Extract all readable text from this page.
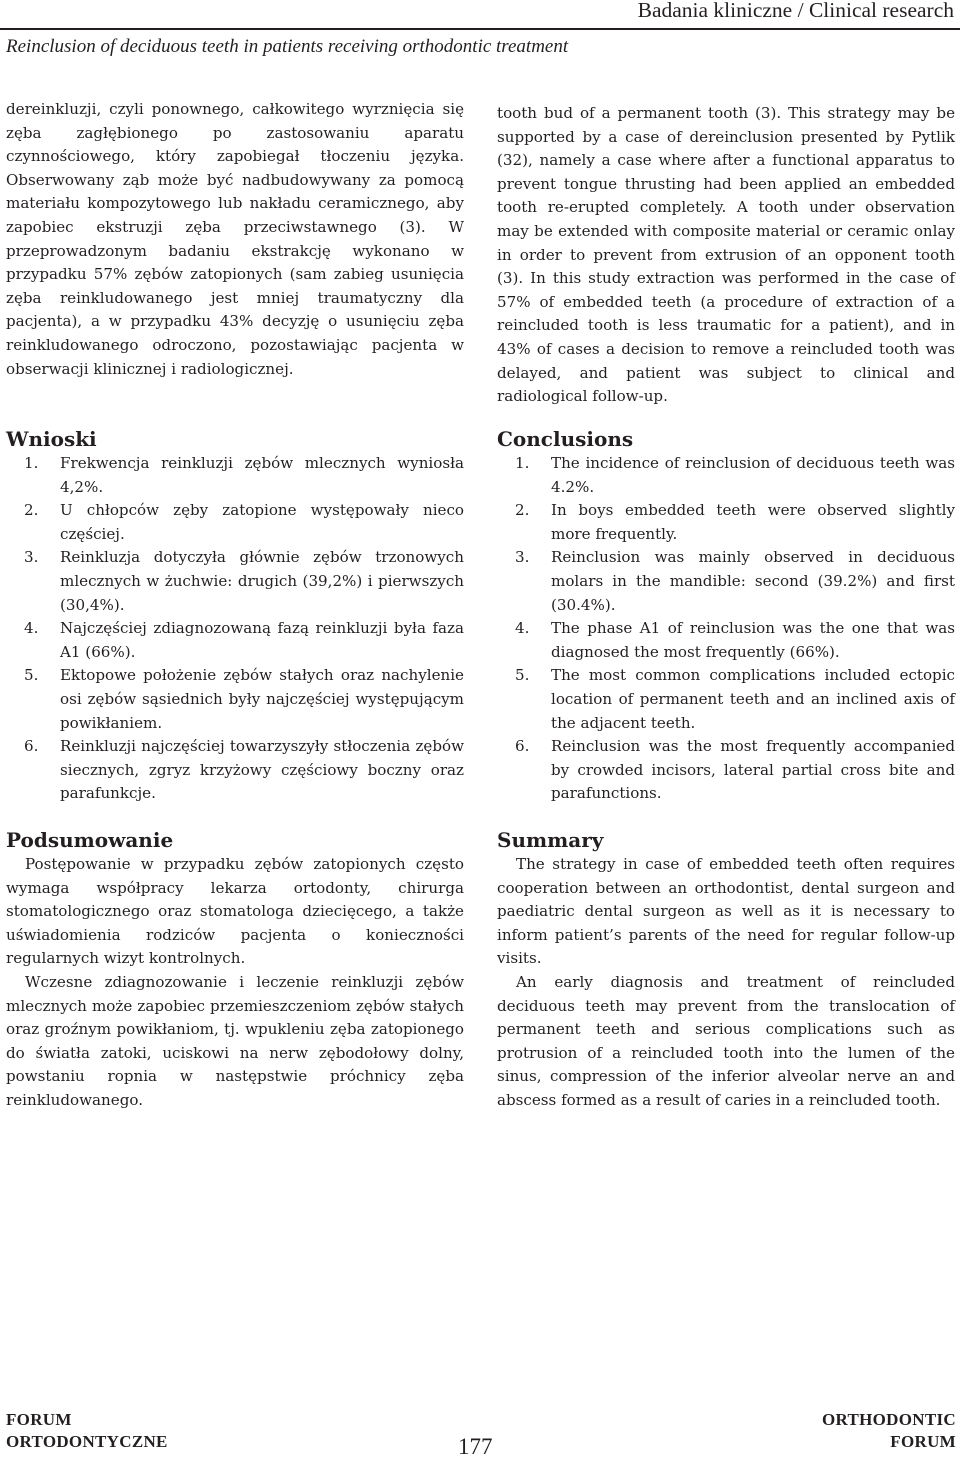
Badania kliniczne / Clinical research
Reinclusion of deciduous teeth in patients receiving orthodontic treatment

dereinkluzji, czyli ponownego, całkowitego wyrznięcia się zęba zagłębionego po zastosowaniu aparatu czynnościowego, który zapobiegał tłoczeniu języka. Obserwowany ząb może być nadbudowywany za pomocą materiału kompozytowego lub nakładu ceramicznego, aby zapobiec ekstruzji zęba przeciwstawnego (3). W przeprowadzonym badaniu ekstrakcję wykonano w przypadku 57% zębów zatopionych (sam zabieg usunięcia zęba reinkludowanego jest mniej traumatyczny dla pacjenta), a w przypadku 43% decyzję o usunięciu zęba reinkludowanego odroczono, pozostawiając pacjenta w obserwacji klinicznej i radiologicznej.

tooth bud of a permanent tooth (3). This strategy may be supported by a case of dereinclusion presented by Pytlik (32), namely a case where after a functional apparatus to prevent tongue thrusting had been applied an embedded tooth re-erupted completely. A tooth under observation may be extended with composite material or ceramic onlay in order to prevent from extrusion of an opponent tooth (3). In this study extraction was performed in the case of 57% of embedded teeth (a procedure of extraction of a reincluded tooth is less traumatic for a patient), and in 43% of cases a decision to remove a reincluded tooth was delayed, and patient was subject to clinical and radiological follow-up.

Wnioski
1. Frekwencja reinkluzji zębów mlecznych wyniosła 4,2%.
2. U chłopców zęby zatopione występowały nieco częściej.
3. Reinkluzja dotyczyła głównie zębów trzonowych mlecznych w żuchwie: drugich (39,2%) i pierwszych (30,4%).
4. Najczęściej zdiagnozowaną fazą reinkluzji była faza A1 (66%).
5. Ektopowe położenie zębów stałych oraz nachylenie osi zębów sąsiednich były najczęściej występującym powikłaniem.
6. Reinkluzji najczęściej towarzyszyły stłoczenia zębów siecznych, zgryz krzyżowy częściowy boczny oraz parafunkcje.
Conclusions
1. The incidence of reinclusion of deciduous teeth was 4.2%.
2. In boys embedded teeth were observed slightly more frequently.
3. Reinclusion was mainly observed in deciduous molars in the mandible: second (39.2%) and first (30.4%).
4. The phase A1 of reinclusion was the one that was diagnosed the most frequently (66%).
5. The most common complications included ectopic location of permanent teeth and an inclined axis of the adjacent teeth.
6. Reinclusion was the most frequently accompanied by crowded incisors, lateral partial cross bite and parafunctions.
Podsumowanie

Postępowanie w przypadku zębów zatopionych często wymaga współpracy lekarza ortodonty, chirurga stomatologicznego oraz stomatologa dziecięcego, a także uświadomienia rodziców pacjenta o konieczności regularnych wizyt kontrolnych.

Wczesne zdiagnozowanie i leczenie reinkluzji zębów mlecznych może zapobiec przemieszczeniom zębów stałych oraz groźnym powikłaniom, tj. wpukleniu zęba zatopionego do światła zatoki, uciskowi na nerw zębodołowy dolny, powstaniu ropnia w następstwie próchnicy zęba reinkludowanego.

Summary

The strategy in case of embedded teeth often requires cooperation between an orthodontist, dental surgeon and paediatric dental surgeon as well as it is necessary to inform patient’s parents of the need for regular follow-up visits.

An early diagnosis and treatment of reincluded deciduous teeth may prevent from the translocation of permanent teeth and serious complications such as protrusion of a reincluded tooth into the lumen of the sinus, compression of the inferior alveolar nerve an and abscess formed as a result of caries in a reincluded tooth.

FORUM
ORTODONTYCZNE	177
ORTHODONTIC
FORUM
